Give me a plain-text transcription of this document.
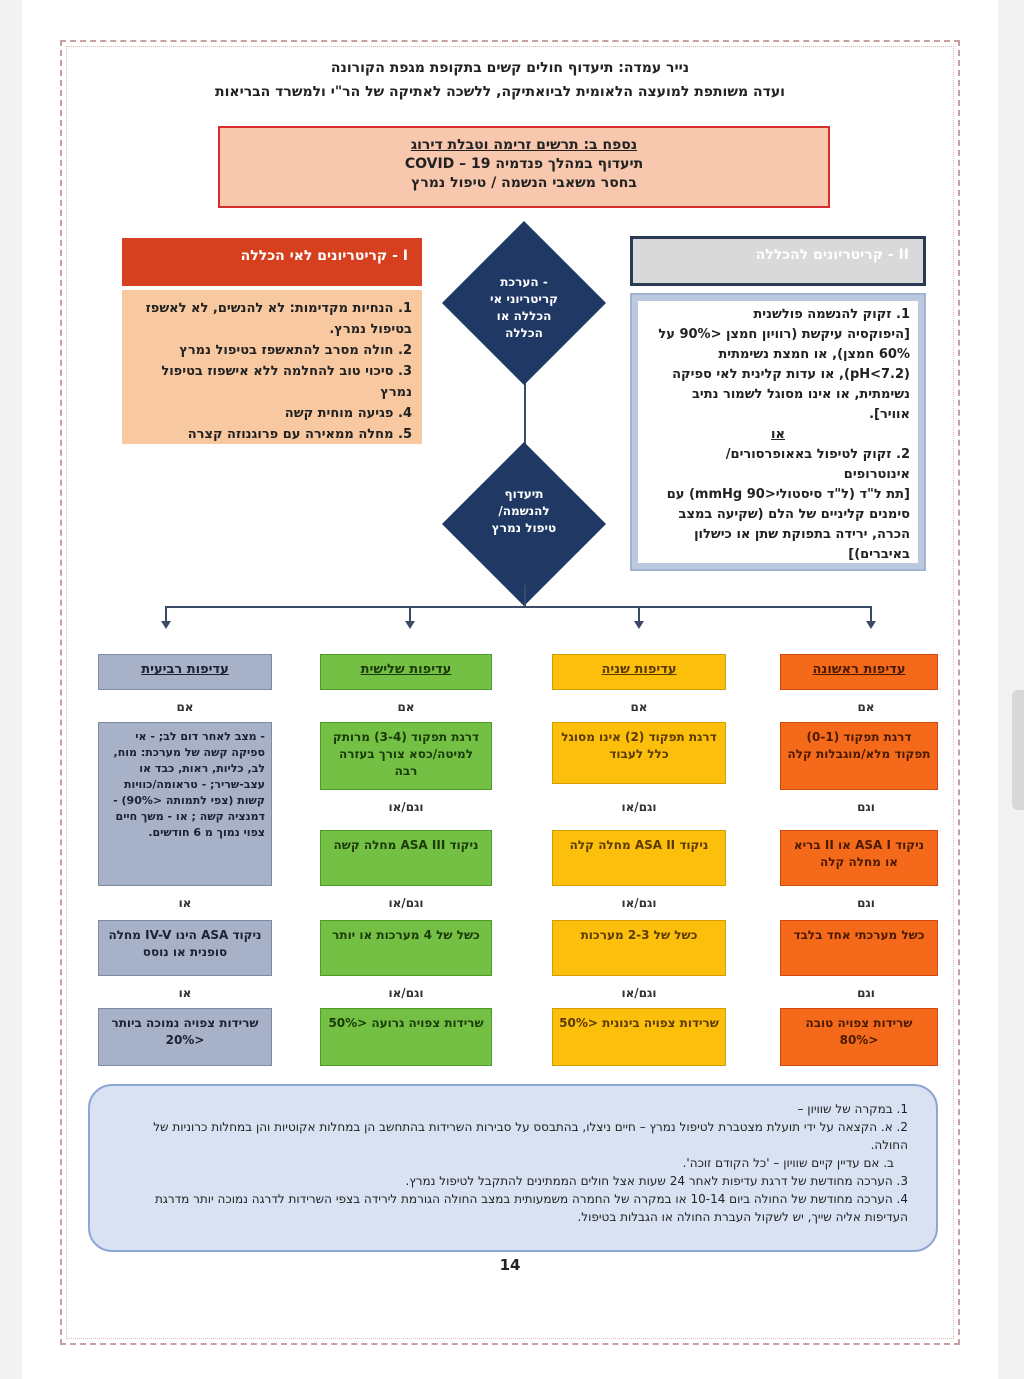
נייר עמדה: תיעדוף חולים קשים בתקופת מגפת הקורונה
ועדה משותפת למועצה הלאומית לביואתיקה, ללשכה לאתיקה של הר"י ולמשרד הבריאות
נספח ב: תרשים זרימה וטבלת דירוג
תיעדוף במהלך פנדמיה COVID – 19
בחסר משאבי הנשמה / טיפול נמרץ
I - קריטריונים לאי הכללה
1. הנחיות מקדימות: לא להנשים, לא לאשפז בטיפול נמרץ.
2. חולה מסרב להתאשפז בטיפול נמרץ
3. סיכוי טוב להחלמה ללא אישפוז בטיפול נמרץ
4. פגיעה מוחית קשה
5. מחלה ממאירה עם פרוגנוזה קצרה
II - קריטריונים להכללה
1. זקוק להנשמה פולשנית
[היפוקסיה עיקשת (רוויון חמצן <90% על
60% חמצן), או חמצת נשימתית
(pH<7.2), או עדות קלינית לאי ספיקה
נשימתית, או אינו מסוגל לשמור נתיב
אוויר].
או
2. זקוק לטיפול באאופרסורים/
אינוטרופים
[תת ל"ד (ל"ד סיסטולי<90 mmHg) עם
סימנים קליניים של הלם (שקיעה במצב
הכרה, ירידה בתפוקת שתן או כישלון
באיברים)]
- הערכת
קריטריוני אי
הכללה או
הכללה
תיעדוף
להנשמה/
טיפול נמרץ
עדיפות ראשונה
אם
דרגת תפקוד (0-1) תפקוד מלא/מוגבלות קלה
וגם
ניקוד ASA I או II בריא או מחלה קלה
וגם
כשל מערכתי אחד בלבד
וגם
שרידות צפויה טובה <80%
עדיפות שניה
אם
דרגת תפקוד (2) אינו מסוגל כלל לעבוד
וגם/או
ניקוד ASA II מחלה קלה
וגם/או
כשל של 2-3 מערכות
וגם/או
שרידות צפויה בינונית <50%
עדיפות שלישית
אם
דרגת תפקוד (3-4) מרותק למיטה/כסא צורך בעזרה רבה
וגם/או
ניקוד ASA III מחלה קשה
וגם/או
כשל של 4 מערכות או יותר
וגם/או
שרידות צפויה גרועה <50%
עדיפות רביעית
אם
- מצב לאחר דום לב; - אי ספיקה קשה של מערכת: מוח, לב, כליות, ראות, כבד או עצב-שריר; - טראומה/כוויות קשות (צפי לתמותה <90%) - דמנציה קשה ; או - משך חיים צפוי נמוך מ 6 חודשים.
או
ניקוד ASA הינו IV-V מחלה סופנית או נוסס
או
שרידות צפויה נמוכה ביותר <20%
1. במקרה של שוויון –
2. א. הקצאה על ידי תועלת מצטברת לטיפול נמרץ – חיים ניצלו, בהתבסס על סבירות השרידות בהתחשב הן במחלות אקוטיות והן במחלות כרוניות של החולה.
ב. אם עדיין קיים שוויון – 'כל הקודם זוכה'.
3. הערכה מחודשת של דרגת עדיפות לאחר 24 שעות אצל חולים הממתינים להתקבל לטיפול נמרץ.
4. הערכה מחודשת של החולה ביום 10-14 או במקרה של החמרה משמעותית במצב החולה הגורמת לירידה בצפי השרידות לדרגה נמוכה יותר מדרגת העדיפות אליה שייך, יש לשקול העברת החולה או הגבלות בטיפול.
14
